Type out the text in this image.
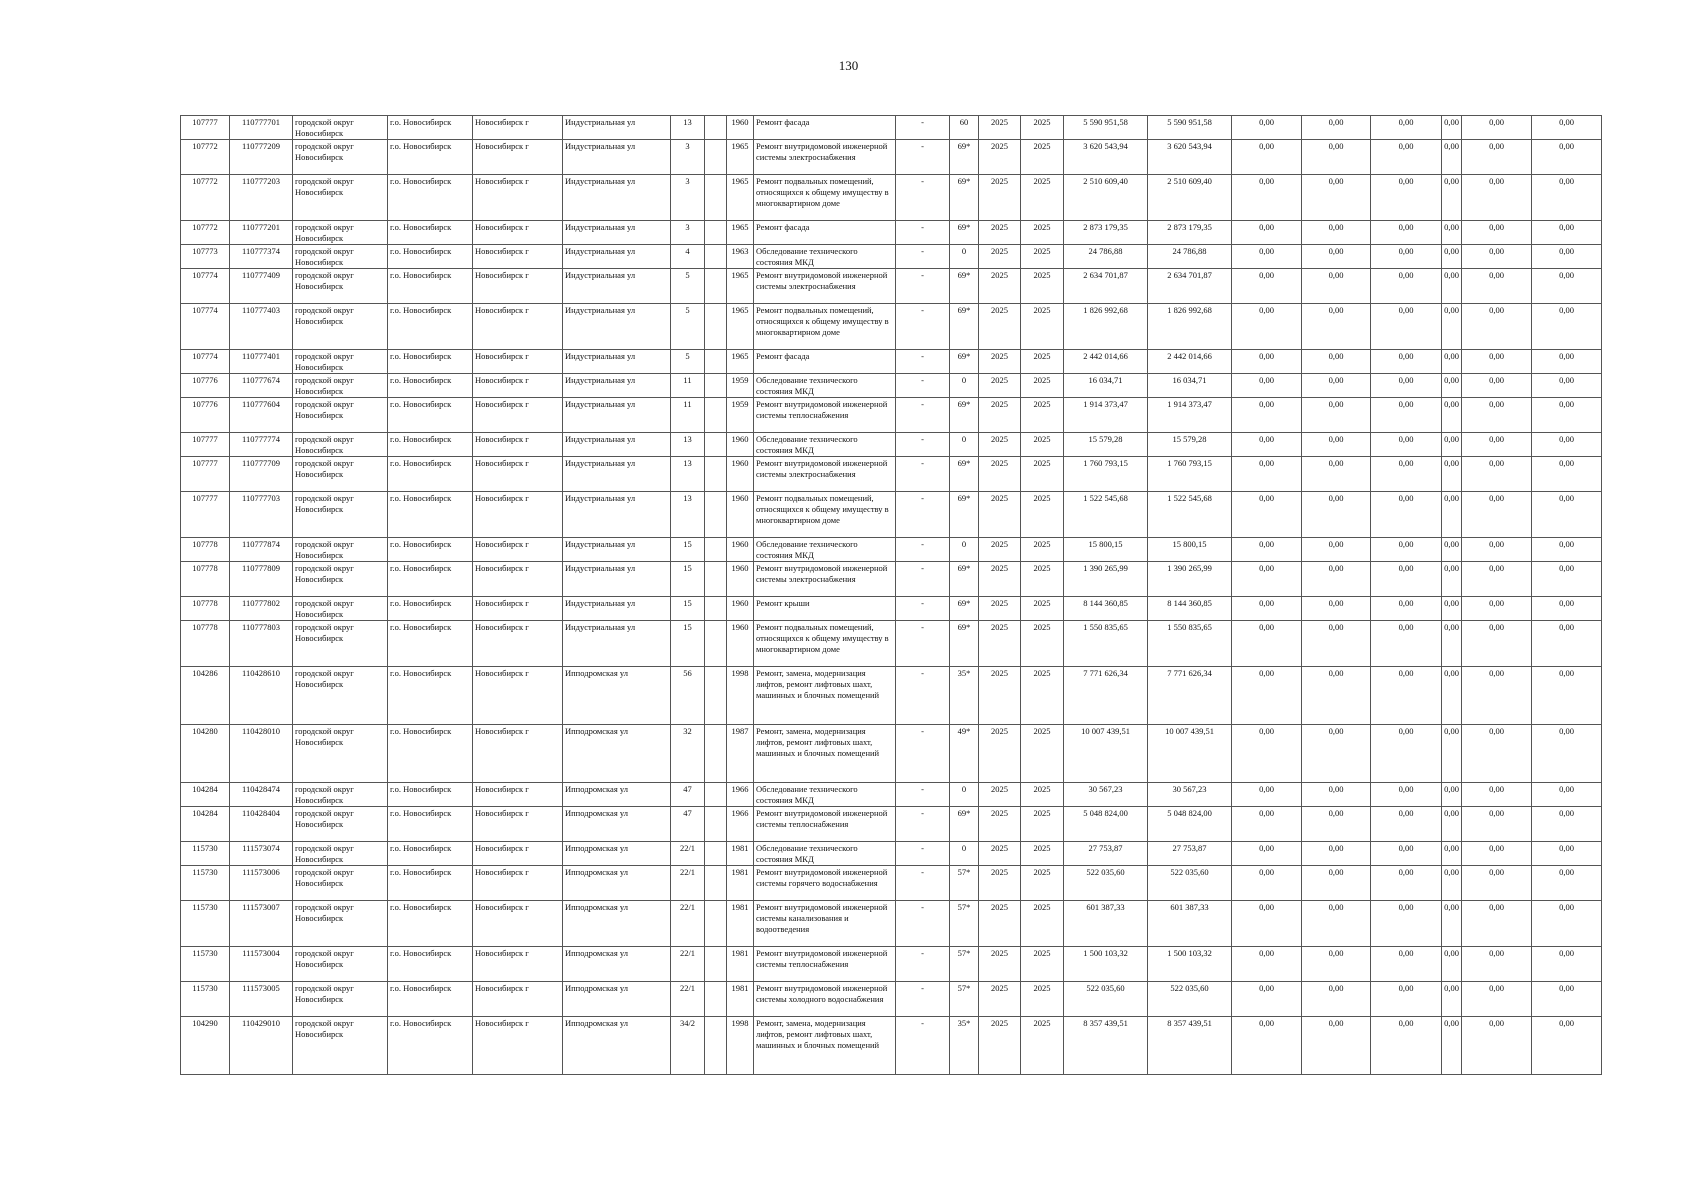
130
107777	110777701	городской округ Новосибирск	г.о. Новосибирск	Новосибирск г	Индустриальная ул	13		1960	Ремонт фасада	-	60	2025	2025	5 590 951,58	5 590 951,58	0,00	0,00	0,00	0,00	0,00	0,00
107772	110777209	городской округ Новосибирск	г.о. Новосибирск	Новосибирск г	Индустриальная ул	3		1965	Ремонт внутридомовой инженерной системы электроснабжения	-	69*	2025	2025	3 620 543,94	3 620 543,94	0,00	0,00	0,00	0,00	0,00	0,00
107772	110777203	городской округ Новосибирск	г.о. Новосибирск	Новосибирск г	Индустриальная ул	3		1965	Ремонт подвальных помещений, относящихся к общему имуществу в многоквартирном доме	-	69*	2025	2025	2 510 609,40	2 510 609,40	0,00	0,00	0,00	0,00	0,00	0,00
107772	110777201	городской округ Новосибирск	г.о. Новосибирск	Новосибирск г	Индустриальная ул	3		1965	Ремонт фасада	-	69*	2025	2025	2 873 179,35	2 873 179,35	0,00	0,00	0,00	0,00	0,00	0,00
107773	110777374	городской округ Новосибирск	г.о. Новосибирск	Новосибирск г	Индустриальная ул	4		1963	Обследование технического состояния МКД	-	0	2025	2025	24 786,88	24 786,88	0,00	0,00	0,00	0,00	0,00	0,00
107774	110777409	городской округ Новосибирск	г.о. Новосибирск	Новосибирск г	Индустриальная ул	5		1965	Ремонт внутридомовой инженерной системы электроснабжения	-	69*	2025	2025	2 634 701,87	2 634 701,87	0,00	0,00	0,00	0,00	0,00	0,00
107774	110777403	городской округ Новосибирск	г.о. Новосибирск	Новосибирск г	Индустриальная ул	5		1965	Ремонт подвальных помещений, относящихся к общему имуществу в многоквартирном доме	-	69*	2025	2025	1 826 992,68	1 826 992,68	0,00	0,00	0,00	0,00	0,00	0,00
107774	110777401	городской округ Новосибирск	г.о. Новосибирск	Новосибирск г	Индустриальная ул	5		1965	Ремонт фасада	-	69*	2025	2025	2 442 014,66	2 442 014,66	0,00	0,00	0,00	0,00	0,00	0,00
107776	110777674	городской округ Новосибирск	г.о. Новосибирск	Новосибирск г	Индустриальная ул	11		1959	Обследование технического состояния МКД	-	0	2025	2025	16 034,71	16 034,71	0,00	0,00	0,00	0,00	0,00	0,00
107776	110777604	городской округ Новосибирск	г.о. Новосибирск	Новосибирск г	Индустриальная ул	11		1959	Ремонт внутридомовой инженерной системы теплоснабжения	-	69*	2025	2025	1 914 373,47	1 914 373,47	0,00	0,00	0,00	0,00	0,00	0,00
107777	110777774	городской округ Новосибирск	г.о. Новосибирск	Новосибирск г	Индустриальная ул	13		1960	Обследование технического состояния МКД	-	0	2025	2025	15 579,28	15 579,28	0,00	0,00	0,00	0,00	0,00	0,00
107777	110777709	городской округ Новосибирск	г.о. Новосибирск	Новосибирск г	Индустриальная ул	13		1960	Ремонт внутридомовой инженерной системы электроснабжения	-	69*	2025	2025	1 760 793,15	1 760 793,15	0,00	0,00	0,00	0,00	0,00	0,00
107777	110777703	городской округ Новосибирск	г.о. Новосибирск	Новосибирск г	Индустриальная ул	13		1960	Ремонт подвальных помещений, относящихся к общему имуществу в многоквартирном доме	-	69*	2025	2025	1 522 545,68	1 522 545,68	0,00	0,00	0,00	0,00	0,00	0,00
107778	110777874	городской округ Новосибирск	г.о. Новосибирск	Новосибирск г	Индустриальная ул	15		1960	Обследование технического состояния МКД	-	0	2025	2025	15 800,15	15 800,15	0,00	0,00	0,00	0,00	0,00	0,00
107778	110777809	городской округ Новосибирск	г.о. Новосибирск	Новосибирск г	Индустриальная ул	15		1960	Ремонт внутридомовой инженерной системы электроснабжения	-	69*	2025	2025	1 390 265,99	1 390 265,99	0,00	0,00	0,00	0,00	0,00	0,00
107778	110777802	городской округ Новосибирск	г.о. Новосибирск	Новосибирск г	Индустриальная ул	15		1960	Ремонт крыши	-	69*	2025	2025	8 144 360,85	8 144 360,85	0,00	0,00	0,00	0,00	0,00	0,00
107778	110777803	городской округ Новосибирск	г.о. Новосибирск	Новосибирск г	Индустриальная ул	15		1960	Ремонт подвальных помещений, относящихся к общему имуществу в многоквартирном доме	-	69*	2025	2025	1 550 835,65	1 550 835,65	0,00	0,00	0,00	0,00	0,00	0,00
104286	110428610	городской округ Новосибирск	г.о. Новосибирск	Новосибирск г	Ипподромская ул	56		1998	Ремонт, замена, модернизация лифтов, ремонт лифтовых шахт, машинных и блочных помещений	-	35*	2025	2025	7 771 626,34	7 771 626,34	0,00	0,00	0,00	0,00	0,00	0,00
104280	110428010	городской округ Новосибирск	г.о. Новосибирск	Новосибирск г	Ипподромская ул	32		1987	Ремонт, замена, модернизация лифтов, ремонт лифтовых шахт, машинных и блочных помещений	-	49*	2025	2025	10 007 439,51	10 007 439,51	0,00	0,00	0,00	0,00	0,00	0,00
104284	110428474	городской округ Новосибирск	г.о. Новосибирск	Новосибирск г	Ипподромская ул	47		1966	Обследование технического состояния МКД	-	0	2025	2025	30 567,23	30 567,23	0,00	0,00	0,00	0,00	0,00	0,00
104284	110428404	городской округ Новосибирск	г.о. Новосибирск	Новосибирск г	Ипподромская ул	47		1966	Ремонт внутридомовой инженерной системы теплоснабжения	-	69*	2025	2025	5 048 824,00	5 048 824,00	0,00	0,00	0,00	0,00	0,00	0,00
115730	111573074	городской округ Новосибирск	г.о. Новосибирск	Новосибирск г	Ипподромская ул	22/1		1981	Обследование технического состояния МКД	-	0	2025	2025	27 753,87	27 753,87	0,00	0,00	0,00	0,00	0,00	0,00
115730	111573006	городской округ Новосибирск	г.о. Новосибирск	Новосибирск г	Ипподромская ул	22/1		1981	Ремонт внутридомовой инженерной системы горячего водоснабжения	-	57*	2025	2025	522 035,60	522 035,60	0,00	0,00	0,00	0,00	0,00	0,00
115730	111573007	городской округ Новосибирск	г.о. Новосибирск	Новосибирск г	Ипподромская ул	22/1		1981	Ремонт внутридомовой инженерной системы канализования и водоотведения	-	57*	2025	2025	601 387,33	601 387,33	0,00	0,00	0,00	0,00	0,00	0,00
115730	111573004	городской округ Новосибирск	г.о. Новосибирск	Новосибирск г	Ипподромская ул	22/1		1981	Ремонт внутридомовой инженерной системы теплоснабжения	-	57*	2025	2025	1 500 103,32	1 500 103,32	0,00	0,00	0,00	0,00	0,00	0,00
115730	111573005	городской округ Новосибирск	г.о. Новосибирск	Новосибирск г	Ипподромская ул	22/1		1981	Ремонт внутридомовой инженерной системы холодного водоснабжения	-	57*	2025	2025	522 035,60	522 035,60	0,00	0,00	0,00	0,00	0,00	0,00
104290	110429010	городской округ Новосибирск	г.о. Новосибирск	Новосибирск г	Ипподромская ул	34/2		1998	Ремонт, замена, модернизация лифтов, ремонт лифтовых шахт, машинных и блочных помещений	-	35*	2025	2025	8 357 439,51	8 357 439,51	0,00	0,00	0,00	0,00	0,00	0,00
